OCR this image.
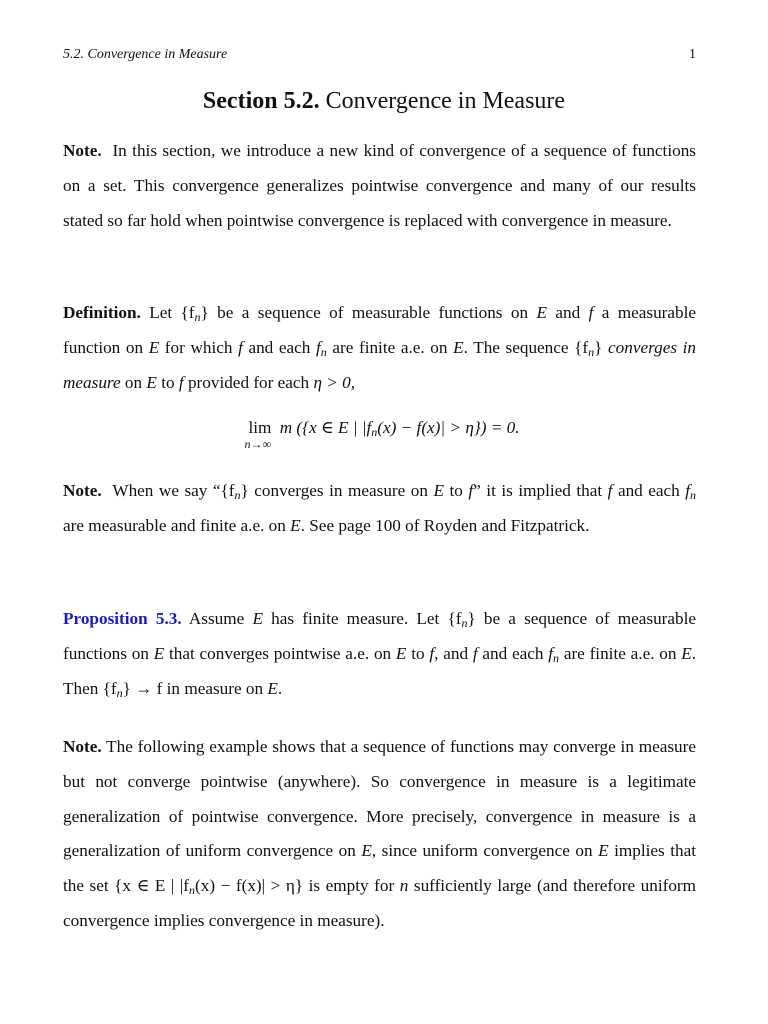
5.2. Convergence in Measure	1
Section 5.2. Convergence in Measure
Note. In this section, we introduce a new kind of convergence of a sequence of functions on a set. This convergence generalizes pointwise convergence and many of our results stated so far hold when pointwise convergence is replaced with convergence in measure.
Definition. Let $\{f_n\}$ be a sequence of measurable functions on E and f a measurable function on E for which f and each $f_n$ are finite a.e. on E. The sequence $\{f_n\}$ converges in measure on E to f provided for each η > 0,
lim
n→∞
m ({x ∈ E | $|f_n(x) - f(x)| > \eta\}) = 0$.
Note. When we say “$\{f_n\}$ converges in measure on E to f” it is implied that f and each $f_n$ are measurable and finite a.e. on E. See page 100 of Royden and Fitzpatrick.
Proposition 5.3. Assume E has finite measure. Let $\{f_n\}$ be a sequence of measurable functions on E that converges pointwise a.e. on E to f, and f and each $f_n$ are finite a.e. on E. Then $\{f_n\} \to f$ in measure on E.
Note. The following example shows that a sequence of functions may converge in measure but not converge pointwise (anywhere). So convergence in measure is a legitimate generalization of pointwise convergence. More precisely, convergence in measure is a generalization of uniform convergence on E, since uniform convergence on E implies that the set {x ∈ E | $|f_n(x) - f(x)| > \eta$} is empty for n sufficiently large (and therefore uniform convergence implies convergence in measure).
